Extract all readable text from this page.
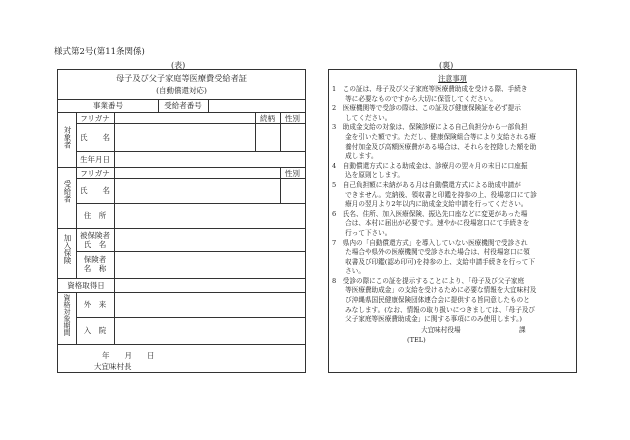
様式第2号(第11条関係)
(表)	(裏)
母子及び父子家庭等医療費受給者証
(自動償還対応)
事業番号	受給者番号
対象者
フリガナ	続柄	性別
氏　　名
生年月日
受給者
フリガナ	性別
氏　　名
住　所
加入保険	被保険者
氏　名
保険者
名　称
資格取得日
資格対象期間	外　来
入　院
年　　月　　日
大宜味村長
注意事項
1　この証は、母子及び父子家庭等医療費助成を受ける際、手続き
　　等に必要なものですから大切に保管してください。
2　医療機関等で受診の際は、この証及び健康保険証を必ず提示
　　してください。
3　助成金支給の対象は、保険診療による自己負担分から一部負担
　　金を引いた額です。ただし、健康保険組合等により支給される療
　　養付加金及び高額医療費がある場合は、それらを控除した額を助
　　成します。
4　自動償還方式による助成金は、診療月の翌々月の末日に口座振
　　込を原則とします。
5　自己負担額に未納がある月は自動償還方式による助成申請が
　　できません。完納後、領収書と印鑑を持参の上、役場窓口にて診
　　療月の翌月より2年以内に助成金支給申請を行ってください。
6　氏名、住所、加入医療保険、振込先口座などに変更があった場
　　合は、本村に届出が必要です。速やかに役場窓口にて手続きを
　　行って下さい。
7　県内の「自動償還方式」を導入していない医療機関で受診され
　　た場合や県外の医療機関で受診された場合は、村役場窓口に領
　　収書及び印鑑(認め印可)を持参の上、支給申請手続きを行って下
　　さい。
8　受診の際にこの証を提示することにより、「母子及び父子家庭
　　等医療費助成金」の支給を受けるために必要な情報を大宜味村及
　　び沖縄県国民健康保険団体連合会に提供する旨同意したものと
　　みなします。(なお、情報の取り扱いにつきましては、「母子及び
　　父子家庭等医療費助成金」に関する事項にのみ使用します。)
大宜味村役場	課
(TEL)
